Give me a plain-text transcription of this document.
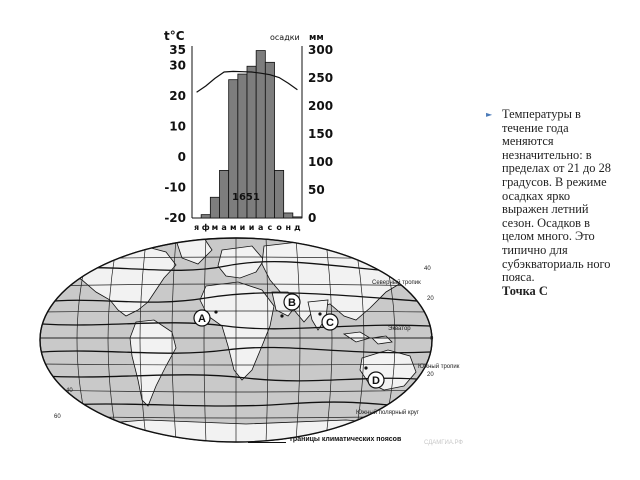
t°C	осадки мм
35
30
20
10
0
-10
-20
300
250
200
150
100
50
0
я ф м а м и и а с о н д
1651
Северный тропик
Экватор
Южный полярный круг
Южный тропик
40
20
0
20
60
40
A
B
C
D
СДАМГИА.РФ
границы климатических поясов
► Температуры в течение года меняются незначительно: в пределах от 21 до 28 градусов. В режиме осадках ярко выражен летний сезон. Осадков в целом много. Это типично для субэкваториаль ного пояса.
Точка С
